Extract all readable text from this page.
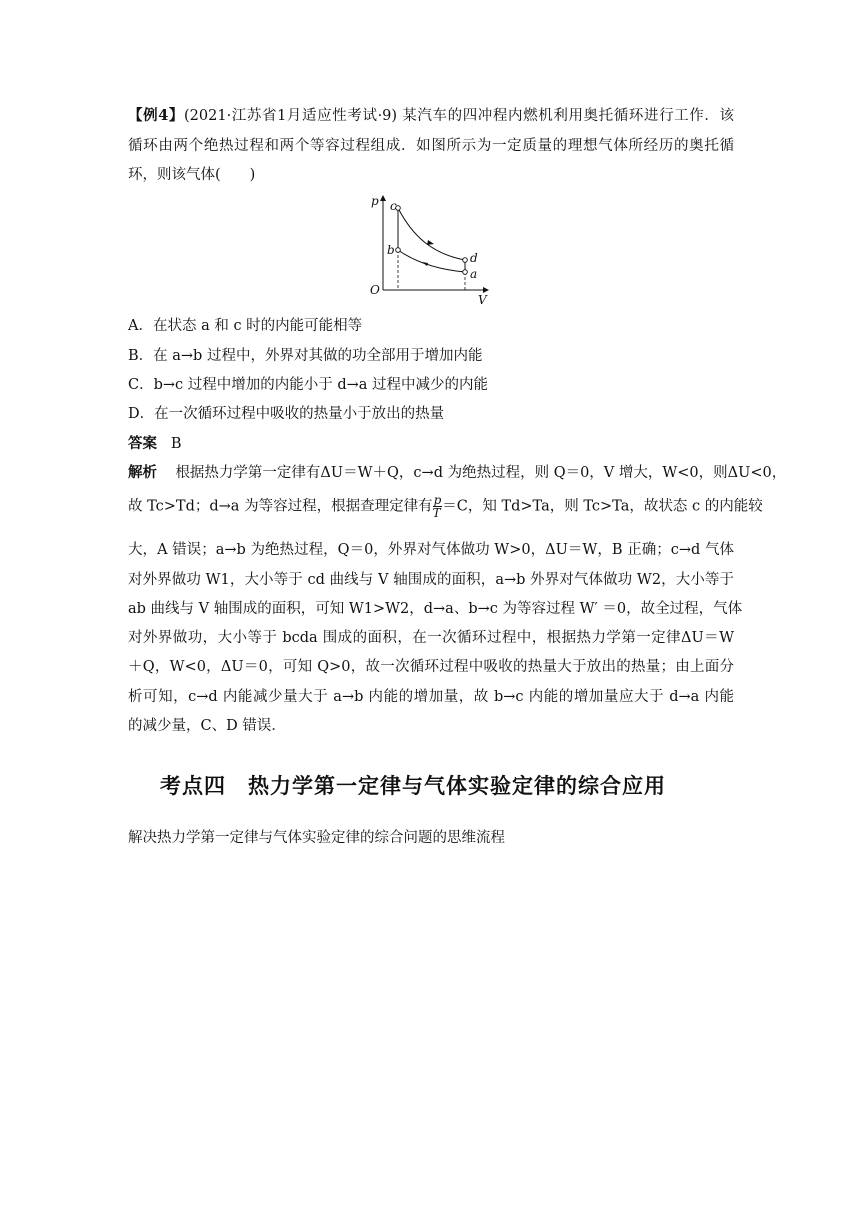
【例4】(2021·江苏省1月适应性考试·9) 某汽车的四冲程内燃机利用奥托循环进行工作．该
循环由两个绝热过程和两个等容过程组成．如图所示为一定质量的理想气体所经历的奥托循
环，则该气体(　　)
p
V
O
c
b
d
a
A．在状态 a 和 c 时的内能可能相等
B．在 a→b 过程中，外界对其做的功全部用于增加内能
C．b→c 过程中增加的内能小于 d→a 过程中减少的内能
D．在一次循环过程中吸收的热量小于放出的热量
答案 B
解析 根据热力学第一定律有ΔU＝W＋Q，c→d 为绝热过程，则 Q＝0，V 增大，W<0，则ΔU<0，
故 Tc>Td；d→a 为等容过程，根据查理定律有 $\frac{p}{T} =C$，知 Td>Ta，则 Tc>Ta，故状态 c 的内能较
大，A 错误；a→b 为绝热过程，Q＝0，外界对气体做功 W>0，ΔU＝W，B 正确；c→d 气体
对外界做功 W1，大小等于 cd 曲线与 V 轴围成的面积，a→b 外界对气体做功 W2，大小等于
ab 曲线与 V 轴围成的面积，可知 W1>W2，d→a、b→c 为等容过程 W′ ＝0，故全过程，气体
对外界做功，大小等于 bcda 围成的面积，在一次循环过程中，根据热力学第一定律ΔU＝W
＋Q，W<0，ΔU＝0，可知 Q>0，故一次循环过程中吸收的热量大于放出的热量；由上面分
析可知，c→d 内能减少量大于 a→b 内能的增加量，故 b→c 内能的增加量应大于 d→a 内能
的减少量，C、D 错误．
考点四　热力学第一定律与气体实验定律的综合应用
解决热力学第一定律与气体实验定律的综合问题的思维流程
